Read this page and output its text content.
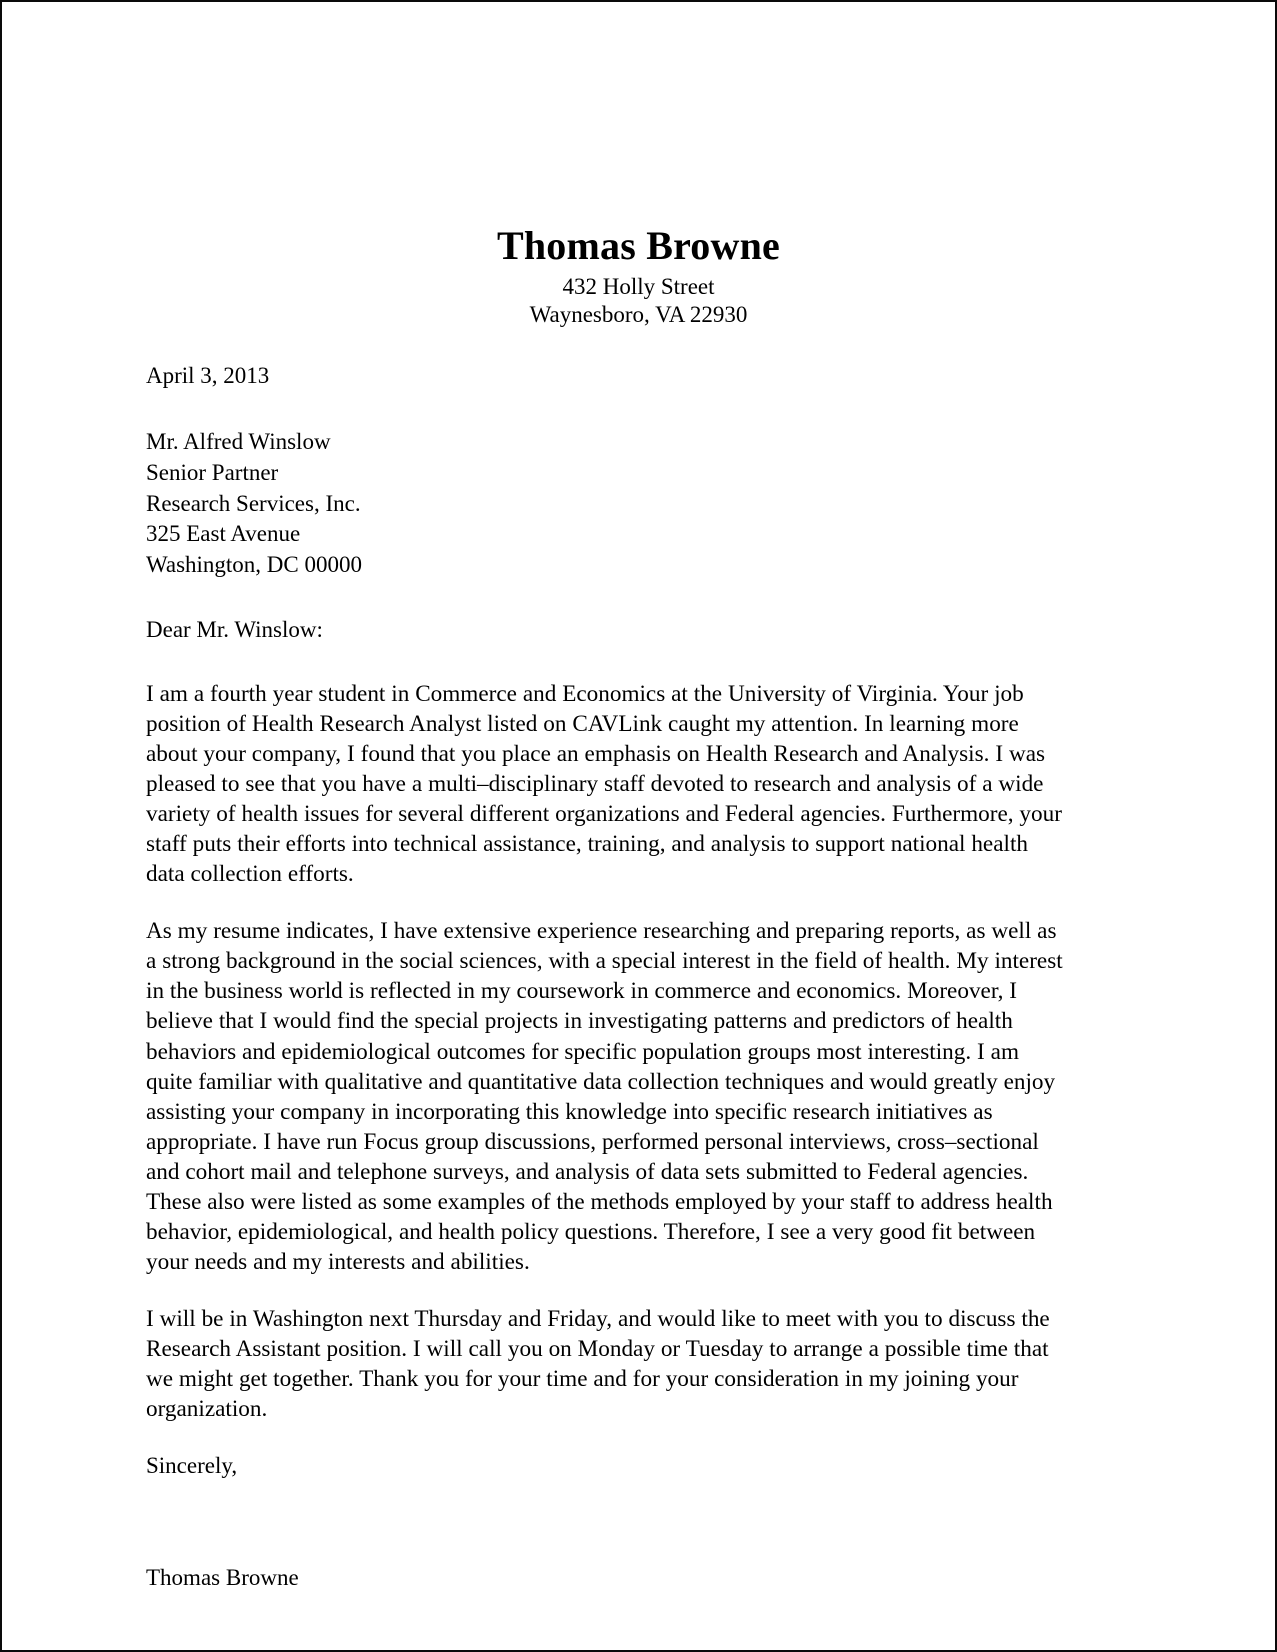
Thomas Browne
432 Holly Street
Waynesboro, VA 22930
April 3, 2013
Mr. Alfred Winslow
Senior Partner
Research Services, Inc.
325 East Avenue
Washington, DC 00000
Dear Mr. Winslow:

I am a fourth year student in Commerce and Economics at the University of Virginia. Your job position of Health Research Analyst listed on CAVLink caught my attention. In learning more about your company, I found that you place an emphasis on Health Research and Analysis. I was pleased to see that you have a multi–disciplinary staff devoted to research and analysis of a wide variety of health issues for several different organizations and Federal agencies. Furthermore, your staff puts their efforts into technical assistance, training, and analysis to support national health data collection efforts.

As my resume indicates, I have extensive experience researching and preparing reports, as well as a strong background in the social sciences, with a special interest in the field of health. My interest in the business world is reflected in my coursework in commerce and economics. Moreover, I believe that I would find the special projects in investigating patterns and predictors of health behaviors and epidemiological outcomes for specific population groups most interesting. I am quite familiar with qualitative and quantitative data collection techniques and would greatly enjoy assisting your company in incorporating this knowledge into specific research initiatives as appropriate. I have run Focus group discussions, performed personal interviews, cross–sectional and cohort mail and telephone surveys, and analysis of data sets submitted to Federal agencies. These also were listed as some examples of the methods employed by your staff to address health behavior, epidemiological, and health policy questions. Therefore, I see a very good fit between your needs and my interests and abilities.

I will be in Washington next Thursday and Friday, and would like to meet with you to discuss the Research Assistant position. I will call you on Monday or Tuesday to arrange a possible time that we might get together. Thank you for your time and for your consideration in my joining your organization.

Sincerely,
Thomas Browne
